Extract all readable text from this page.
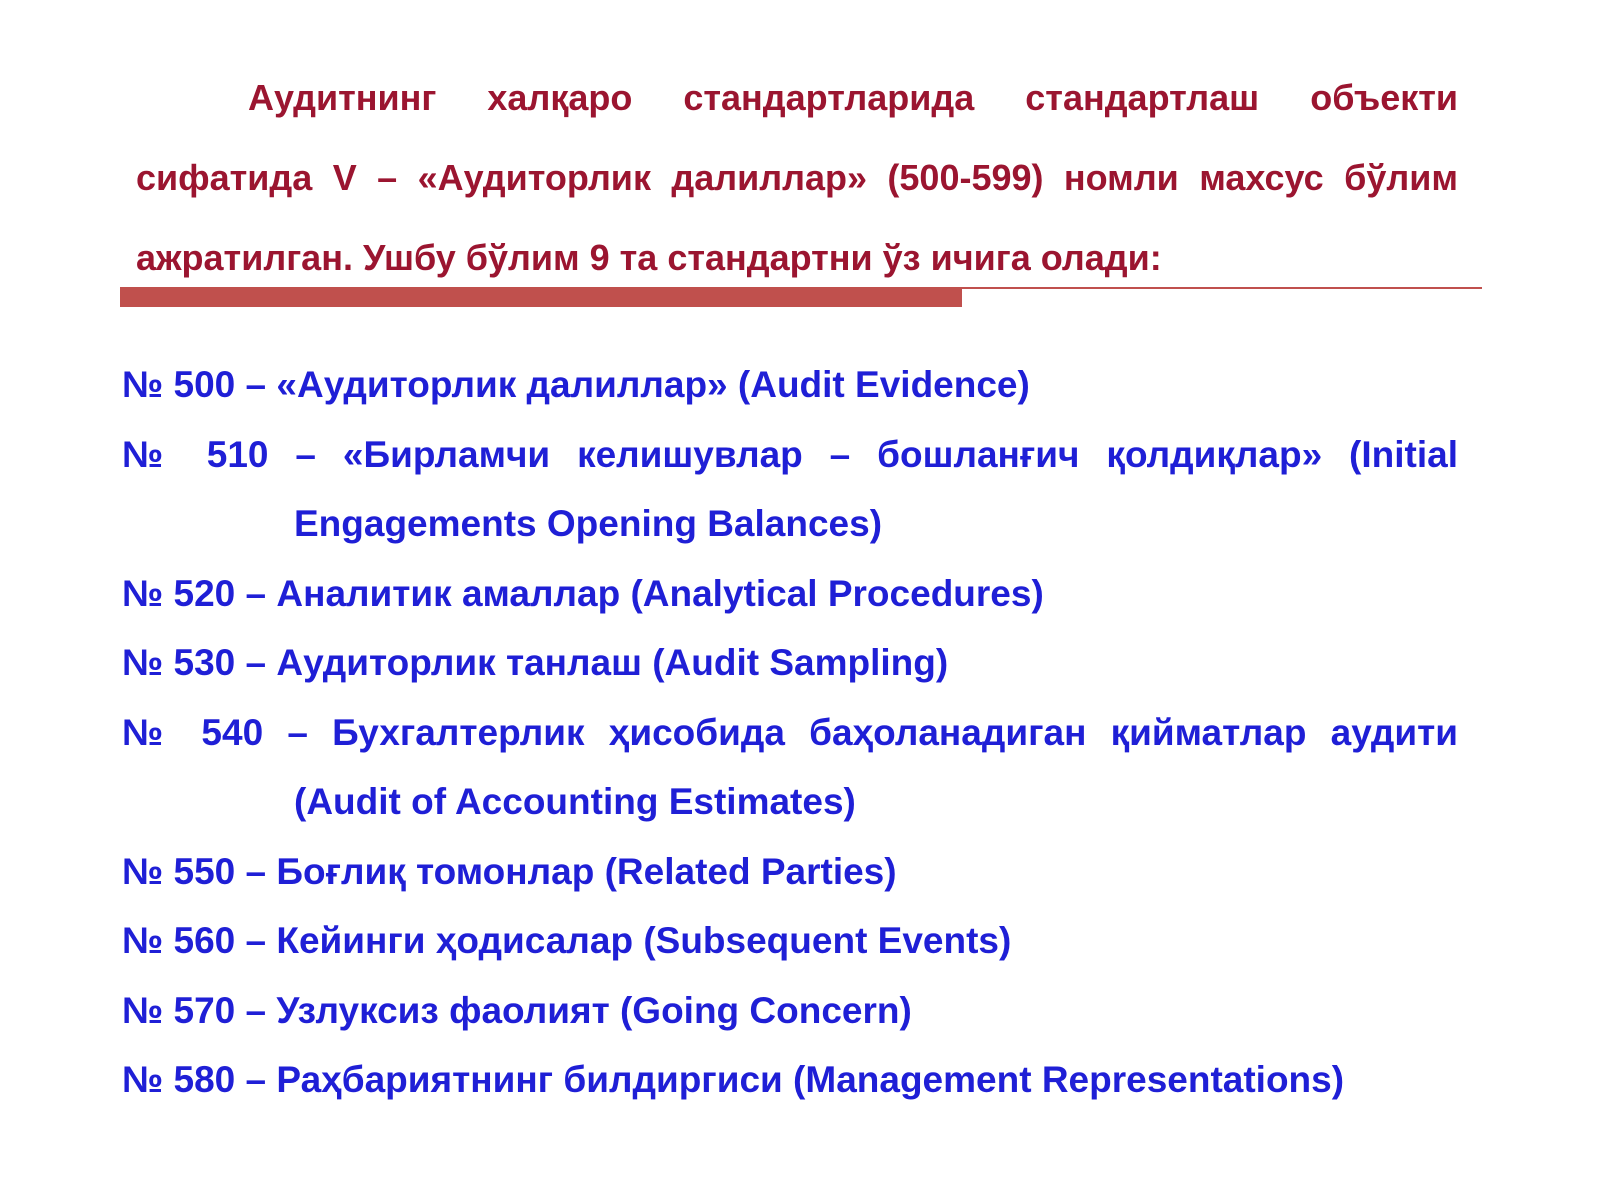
Аудитнинг халқаро стандартларида стандартлаш объекти сифатида V – «Аудиторлик далиллар» (500-599) номли махсус бўлим ажратилган. Ушбу бўлим 9 та стандартни ўз ичига олади:

№ 500 – «Аудиторлик далиллар» (Audit Evidence)
№ 510 – «Бирламчи келишувлар – бошланғич қолдиқлар» (Initial Engagements Opening Balances)
№ 520 – Аналитик амаллар (Analytical Procedures)
№ 530 – Аудиторлик танлаш (Audit Sampling)
№ 540 – Бухгалтерлик ҳисобида баҳоланадиган қийматлар аудити (Audit of Accounting Estimates)
№ 550 – Боғлиқ томонлар (Related Parties)
№ 560 – Кейинги ҳодисалар (Subsequent Events)
№ 570 – Узлуксиз фаолият (Going Concern)
№ 580 – Раҳбариятнинг билдиргиси (Management Representations)
